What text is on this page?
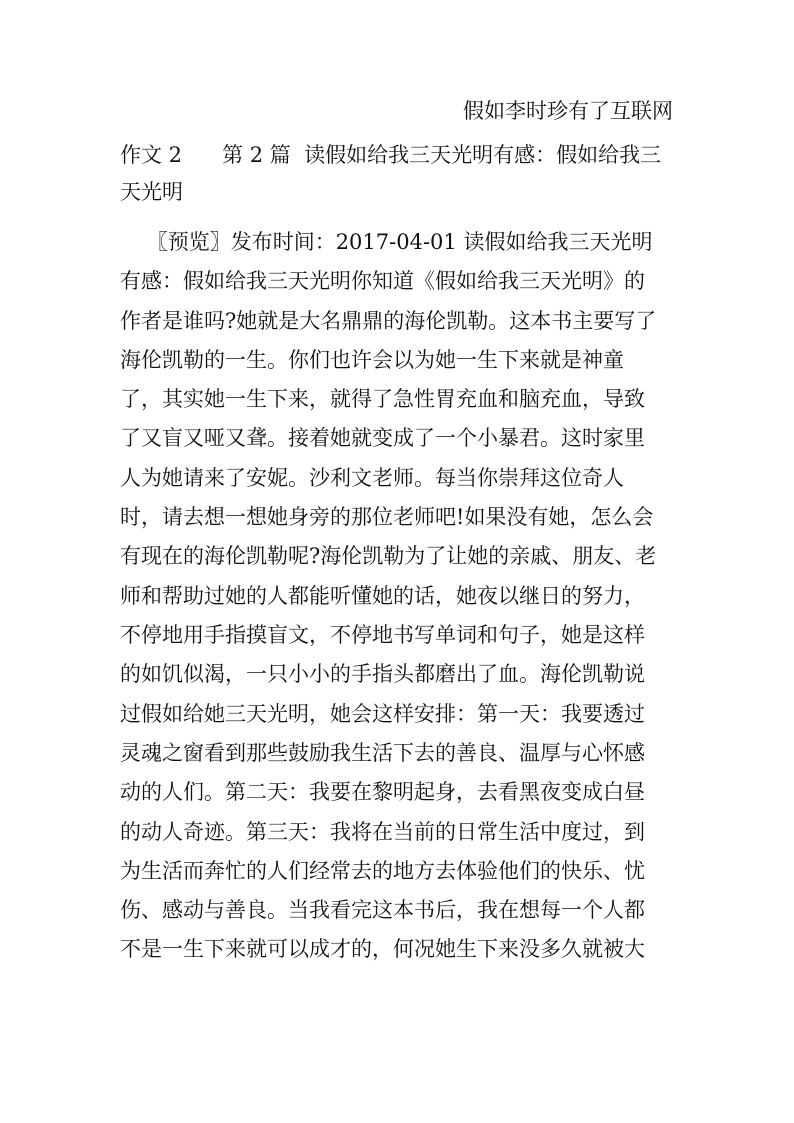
假如李时珍有了互联网
作文 2      第 2 篇  读假如给我三天光明有感：假如给我三
天光明
〖预览〗发布时间：2017-04-01 读假如给我三天光明
有感：假如给我三天光明你知道《假如给我三天光明》的
作者是谁吗?她就是大名鼎鼎的海伦凯勒。这本书主要写了
海伦凯勒的一生。你们也许会以为她一生下来就是神童
了，其实她一生下来，就得了急性胃充血和脑充血，导致
了又盲又哑又聋。接着她就变成了一个小暴君。这时家里
人为她请来了安妮。沙利文老师。每当你崇拜这位奇人
时，请去想一想她身旁的那位老师吧!如果没有她，怎么会
有现在的海伦凯勒呢?海伦凯勒为了让她的亲戚、朋友、老
师和帮助过她的人都能听懂她的话，她夜以继日的努力，
不停地用手指摸盲文，不停地书写单词和句子，她是这样
的如饥似渴，一只小小的手指头都磨出了血。海伦凯勒说
过假如给她三天光明，她会这样安排：第一天：我要透过
灵魂之窗看到那些鼓励我生活下去的善良、温厚与心怀感
动的人们。第二天：我要在黎明起身，去看黑夜变成白昼
的动人奇迹。第三天：我将在当前的日常生活中度过，到
为生活而奔忙的人们经常去的地方去体验他们的快乐、忧
伤、感动与善良。当我看完这本书后，我在想每一个人都
不是一生下来就可以成才的，何况她生下来没多久就被大
